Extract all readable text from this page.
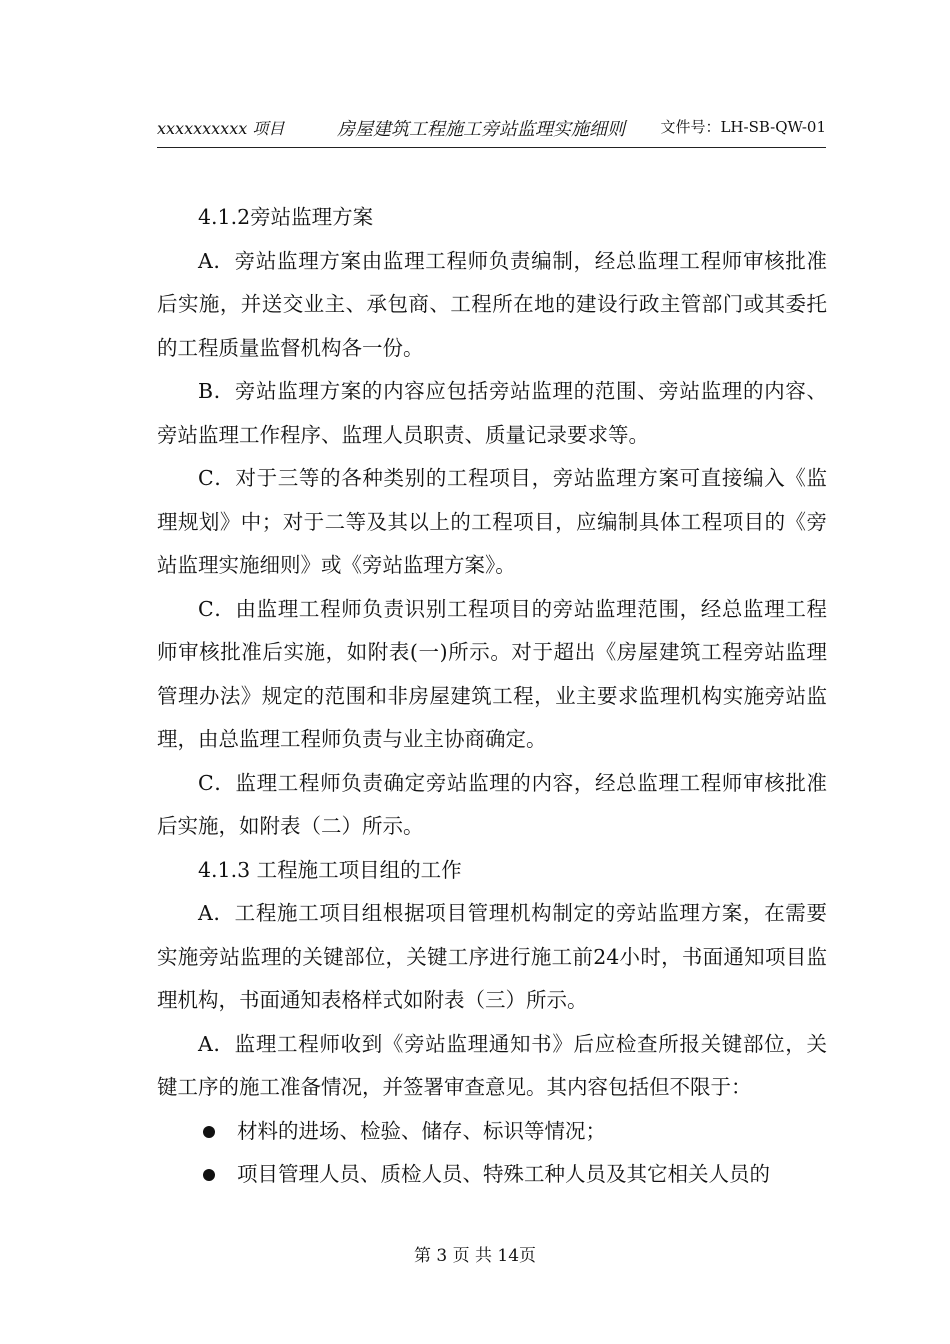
xxxxxxxxxx 项目	房屋建筑工程施工旁站监理实施细则 文件号：LH-SB-QW-01

4.1.2旁站监理方案

A．旁站监理方案由监理工程师负责编制，经总监理工程师审核批准后实施，并送交业主、承包商、工程所在地的建设行政主管部门或其委托的工程质量监督机构各一份。

B．旁站监理方案的内容应包括旁站监理的范围、旁站监理的内容、旁站监理工作程序、监理人员职责、质量记录要求等。

C．对于三等的各种类别的工程项目，旁站监理方案可直接编入《监理规划》中；对于二等及其以上的工程项目，应编制具体工程项目的《旁站监理实施细则》或《旁站监理方案》。

C．由监理工程师负责识别工程项目的旁站监理范围，经总监理工程师审核批准后实施，如附表(一)所示。对于超出《房屋建筑工程旁站监理管理办法》规定的范围和非房屋建筑工程，业主要求监理机构实施旁站监理，由总监理工程师负责与业主协商确定。

C．监理工程师负责确定旁站监理的内容，经总监理工程师审核批准后实施，如附表（二）所示。

4.1.3 工程施工项目组的工作

A．工程施工项目组根据项目管理机构制定的旁站监理方案，在需要实施旁站监理的关键部位，关键工序进行施工前24小时，书面通知项目监理机构，书面通知表格样式如附表（三）所示。

A．监理工程师收到《旁站监理通知书》后应检查所报关键部位，关键工序的施工准备情况，并签署审查意见。其内容包括但不限于：

材料的进场、检验、储存、标识等情况；

项目管理人员、质检人员、特殊工种人员及其它相关人员的

第 3 页 共 14页
